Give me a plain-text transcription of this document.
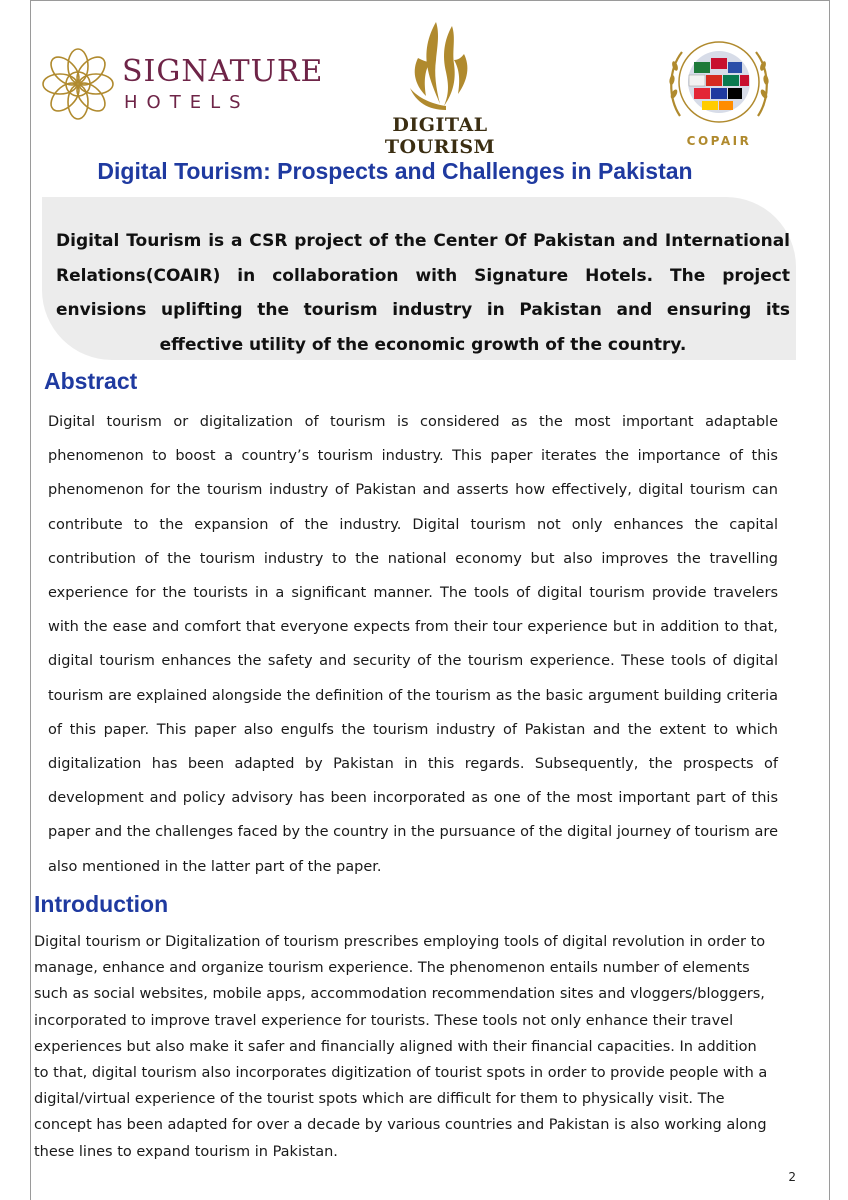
SIGNATURE
HOTELS
DIGITAL TOURISM	COPAIR
Digital Tourism: Prospects and Challenges in Pakistan
Digital Tourism is a CSR project of the Center Of Pakistan and International Relations(COAIR) in collaboration with Signature Hotels. The project envisions uplifting the tourism industry in Pakistan and ensuring its effective utility of the economic growth of the country.
Abstract
Digital tourism or digitalization of tourism is considered as the most important adaptable phenomenon to boost a country’s tourism industry. This paper iterates the importance of this phenomenon for the tourism industry of Pakistan and asserts how effectively, digital tourism can contribute to the expansion of the industry. Digital tourism not only enhances the capital contribution of the tourism industry to the national economy but also improves the travelling experience for the tourists in a significant manner. The tools of digital tourism provide travelers with the ease and comfort that everyone expects from their tour experience but in addition to that, digital tourism enhances the safety and security of the tourism experience. These tools of digital tourism are explained alongside the definition of the tourism as the basic argument building criteria of this paper. This paper also engulfs the tourism industry of Pakistan and the extent to which digitalization has been adapted by Pakistan in this regards. Subsequently, the prospects of development and policy advisory has been incorporated as one of the most important part of this paper and the challenges faced by the country in the pursuance of the digital journey of tourism are also mentioned in the latter part of the paper.
Introduction
Digital tourism or Digitalization of tourism prescribes employing tools of digital revolution in order to manage, enhance and organize tourism experience. The phenomenon entails number of elements such as social websites, mobile apps, accommodation recommendation sites and vloggers/bloggers, incorporated to improve travel experience for tourists. These tools not only enhance their travel experiences but also make it safer and financially aligned with their financial capacities. In addition to that, digital tourism also incorporates digitization of tourist spots in order to provide people with a digital/virtual experience of the tourist spots which are difficult for them to physically visit. The concept has been adapted for over a decade by various countries and Pakistan is also working along these lines to expand tourism in Pakistan.
2
